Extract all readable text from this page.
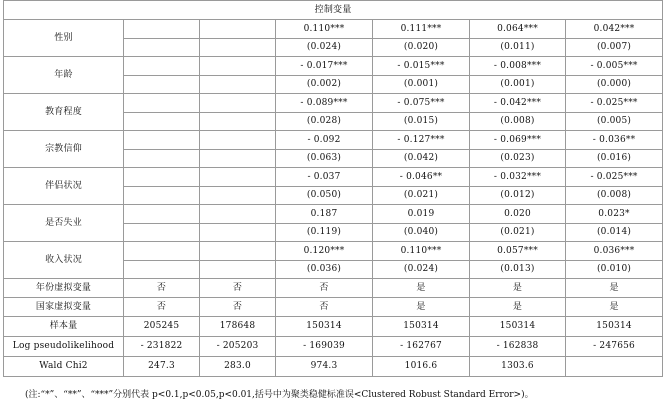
控制变量						
性别			0.110***	0.111***	0.064***	0.042***
			(0.024)	(0.020)	(0.011)	(0.007)
年龄			- 0.017***	- 0.015***	- 0.008***	- 0.005***
			(0.002)	(0.001)	(0.001)	(0.000)
教育程度			- 0.089***	- 0.075***	- 0.042***	- 0.025***
			(0.028)	(0.015)	(0.008)	(0.005)
宗教信仰			- 0.092	- 0.127***	- 0.069***	- 0.036**
			(0.063)	(0.042)	(0.023)	(0.016)
伴侣状况			- 0.037	- 0.046**	- 0.032***	- 0.025***
			(0.050)	(0.021)	(0.012)	(0.008)
是否失业			0.187	0.019	0.020	0.023*
			(0.119)	(0.040)	(0.021)	(0.014)
收入状况			0.120***	0.110***	0.057***	0.036***
			(0.036)	(0.024)	(0.013)	(0.010)
年份虚拟变量	否	否	否	是	是	是
国家虚拟变量	否	否	否	是	是	是
样本量	205245	178648	150314	150314	150314	150314
Log pseudolikelihood	- 231822	- 205203	- 169039	- 162767	- 162838	- 247656
Wald Chi2	247.3	283.0	974.3	1016.6	1303.6	
(注:“*”、“**”、“***”分别代表 p<0.1,p<0.05,p<0.01,括号中为聚类稳健标准误<Clustered Robust Standard Error>)。
